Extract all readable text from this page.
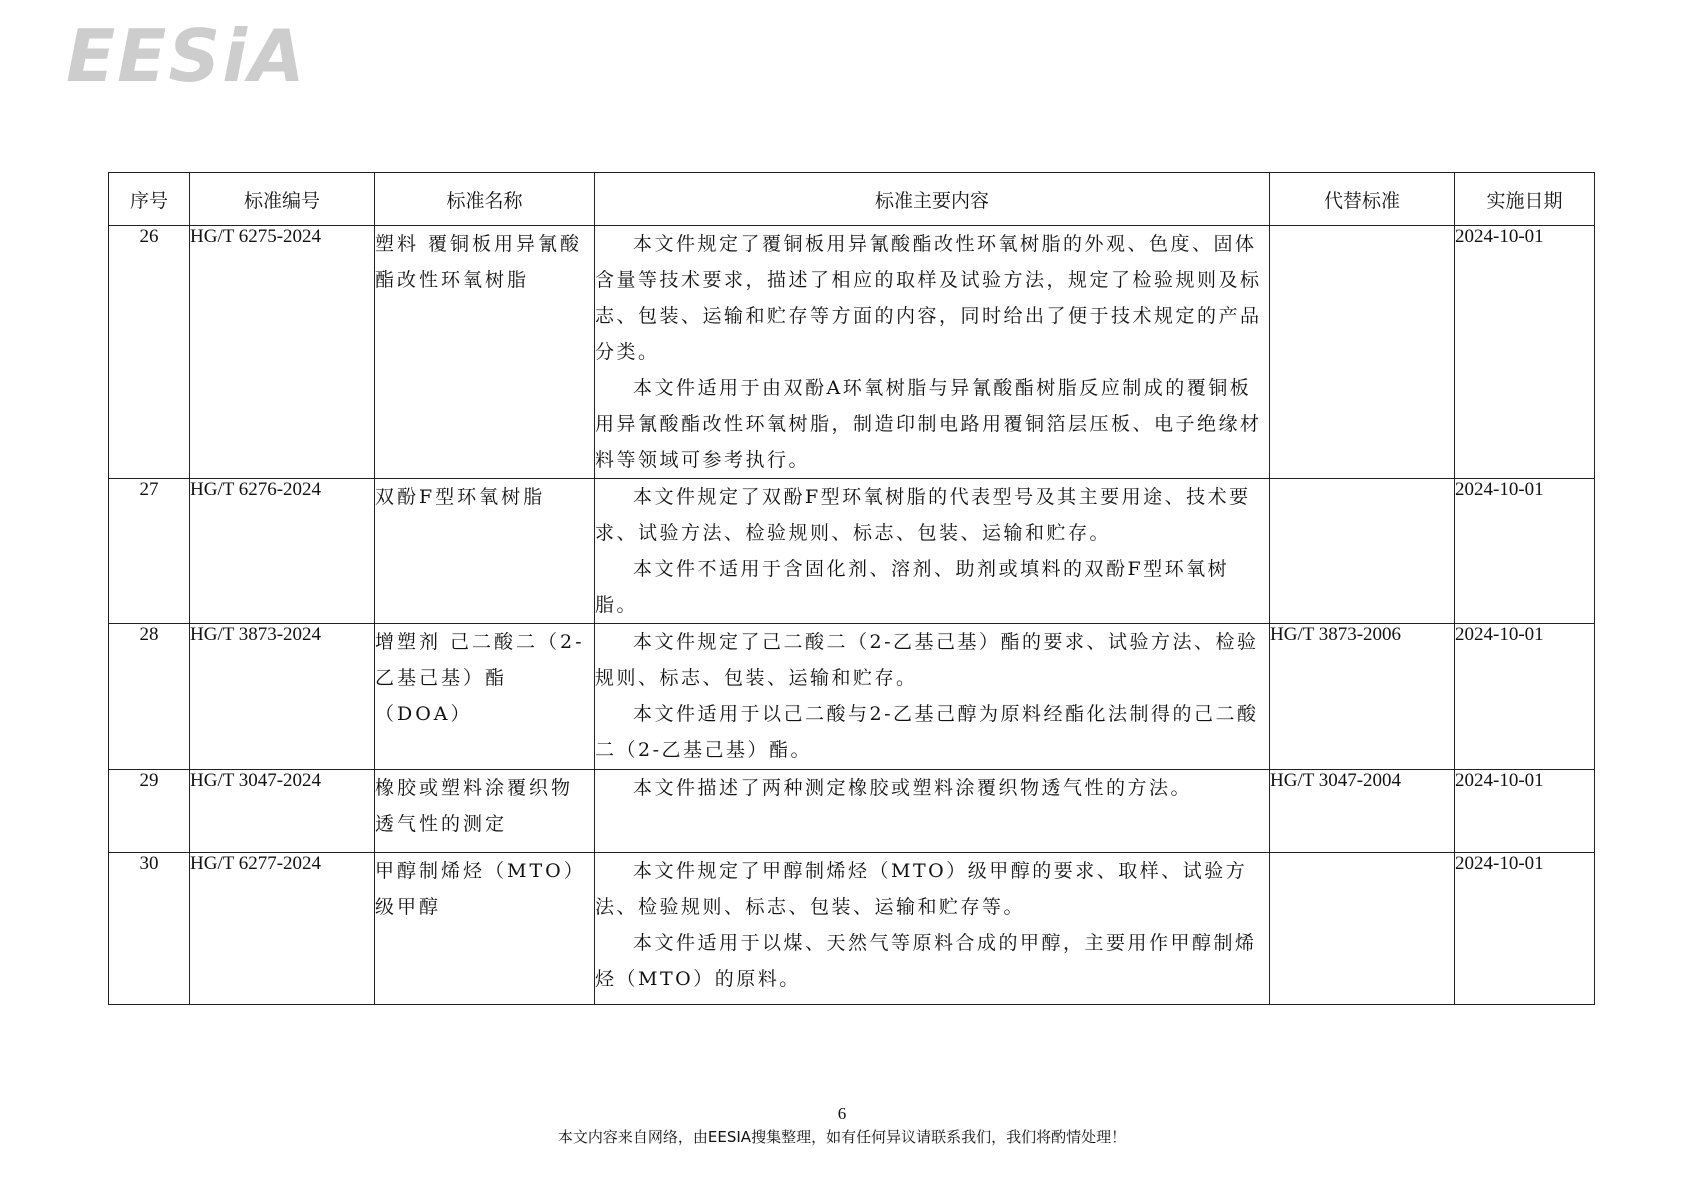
EESiA
序号	标准编号	标准名称	标准主要内容	代替标准	实施日期
26	HG/T 6275-2024	塑料 覆铜板用异氰酸酯改性环氧树脂	本文件规定了覆铜板用异氰酸酯改性环氧树脂的外观、色度、固体含量等技术要求，描述了相应的取样及试验方法，规定了检验规则及标志、包装、运输和贮存等方面的内容，同时给出了便于技术规定的产品分类。

本文件适用于由双酚A环氧树脂与异氰酸酯树脂反应制成的覆铜板用异氰酸酯改性环氧树脂，制造印制电路用覆铜箔层压板、电子绝缘材料等领域可参考执行。		2024-10-01
27	HG/T 6276-2024	双酚F型环氧树脂	本文件规定了双酚F型环氧树脂的代表型号及其主要用途、技术要求、试验方法、检验规则、标志、包装、运输和贮存。

本文件不适用于含固化剂、溶剂、助剂或填料的双酚F型环氧树脂。		2024-10-01
28	HG/T 3873-2024	增塑剂 己二酸二（2-乙基己基）酯（DOA）	本文件规定了己二酸二（2-乙基己基）酯的要求、试验方法、检验规则、标志、包装、运输和贮存。

本文件适用于以己二酸与2-乙基己醇为原料经酯化法制得的己二酸二（2-乙基己基）酯。	HG/T 3873-2006	2024-10-01
29	HG/T 3047-2024	橡胶或塑料涂覆织物透气性的测定	本文件描述了两种测定橡胶或塑料涂覆织物透气性的方法。	HG/T 3047-2004	2024-10-01
30	HG/T 6277-2024	甲醇制烯烃（MTO）级甲醇	本文件规定了甲醇制烯烃（MTO）级甲醇的要求、取样、试验方法、检验规则、标志、包装、运输和贮存等。

本文件适用于以煤、天然气等原料合成的甲醇，主要用作甲醇制烯烃（MTO）的原料。		2024-10-01
6
本文内容来自网络，由EESIA搜集整理，如有任何异议请联系我们，我们将酌情处理！
